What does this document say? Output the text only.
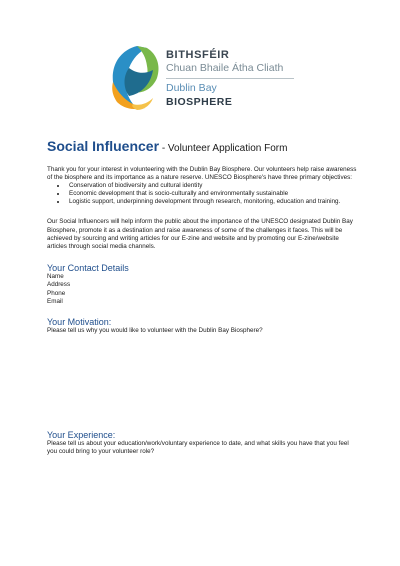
BITHSFÉIR
Chuan Bhaile Átha Cliath
Dublin Bay
BIOSPHERE
Social Influencer - Volunteer Application Form

Thank you for your interest in volunteering with the Dublin Bay Biosphere. Our volunteers help raise awareness of the biosphere and its importance as a nature reserve. UNESCO Biosphere's have three primary objectives:

• Conservation of biodiversity and cultural identity
• Economic development that is socio-culturally and environmentally sustainable
• Logistic support, underpinning development through research, monitoring, education and training.

Our Social Influencers will help inform the public about the importance of the UNESCO designated Dublin Bay Biosphere, promote it as a destination and raise awareness of some of the challenges it faces. This will be achieved by sourcing and writing articles for our E-zine and website and by promoting our E-zine/website articles through social media channels.

Your Contact Details
Name
Address
Phone
Email
Your Motivation:

Please tell us why you would like to volunteer with the Dublin Bay Biosphere?

Your Experience:

Please tell us about your education/work/voluntary experience to date, and what skills you have that you feel you could bring to your volunteer role?
